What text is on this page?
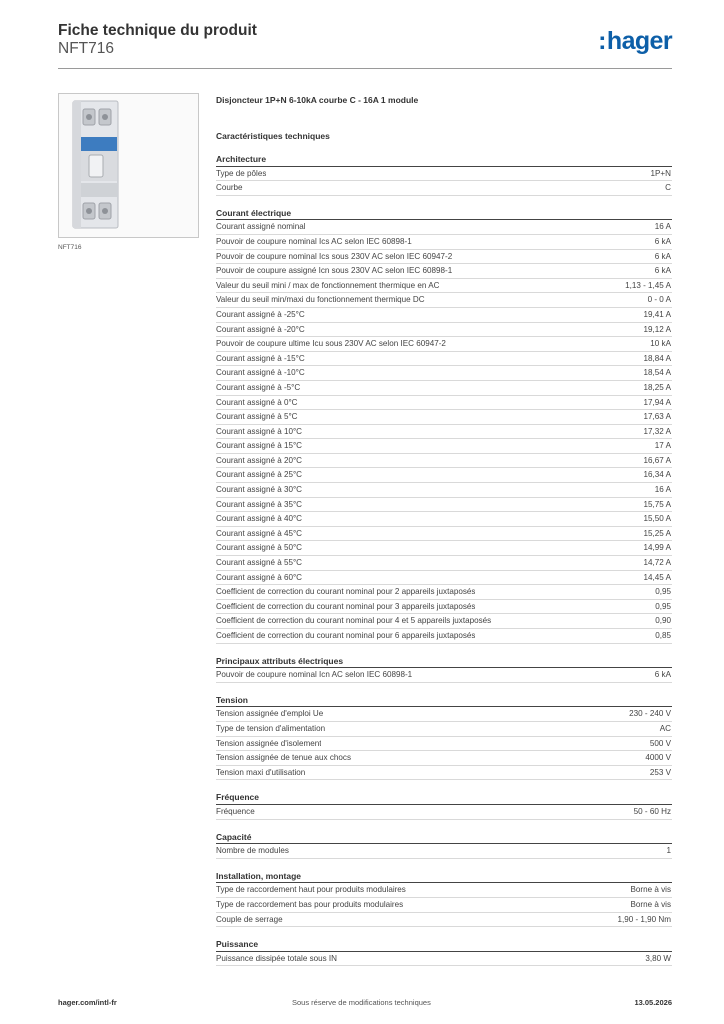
Fiche technique du produit
NFT716	:hager
NFT716
Disjoncteur 1P+N 6-10kA courbe C - 16A 1 module
Caractéristiques techniques
Architecture
Type de pôles	1P+N
Courbe	C
Courant électrique
Courant assigné nominal	16 A
Pouvoir de coupure nominal Ics AC selon IEC 60898-1	6 kA
Pouvoir de coupure nominal Ics sous 230V AC selon IEC 60947-2	6 kA
Pouvoir de coupure assigné Icn sous 230V AC selon IEC 60898-1	6 kA
Valeur du seuil mini / max de fonctionnement thermique en AC	1,13 - 1,45 A
Valeur du seuil min/maxi du fonctionnement thermique DC	0 - 0 A
Courant assigné à -25°C	19,41 A
Courant assigné à -20°C	19,12 A
Pouvoir de coupure ultime Icu sous 230V AC selon IEC 60947-2	10 kA
Courant assigné à -15°C	18,84 A
Courant assigné à -10°C	18,54 A
Courant assigné à -5°C	18,25 A
Courant assigné à 0°C	17,94 A
Courant assigné à 5°C	17,63 A
Courant assigné à 10°C	17,32 A
Courant assigné à 15°C	17 A
Courant assigné à 20°C	16,67 A
Courant assigné à 25°C	16,34 A
Courant assigné à 30°C	16 A
Courant assigné à 35°C	15,75 A
Courant assigné à 40°C	15,50 A
Courant assigné à 45°C	15,25 A
Courant assigné à 50°C	14,99 A
Courant assigné à 55°C	14,72 A
Courant assigné à 60°C	14,45 A
Coefficient de correction du courant nominal pour 2 appareils juxtaposés	0,95
Coefficient de correction du courant nominal pour 3 appareils juxtaposés	0,95
Coefficient de correction du courant nominal pour 4 et 5 appareils juxtaposés	0,90
Coefficient de correction du courant nominal pour 6 appareils juxtaposés	0,85
Principaux attributs électriques
Pouvoir de coupure nominal Icn AC selon IEC 60898-1	6 kA
Tension
Tension assignée d'emploi Ue	230 - 240 V
Type de tension d'alimentation	AC
Tension assignée d'isolement	500 V
Tension assignée de tenue aux chocs	4000 V
Tension maxi d'utilisation	253 V
Fréquence
Fréquence	50 - 60 Hz
Capacité
Nombre de modules	1
Installation, montage
Type de raccordement haut pour produits modulaires	Borne à vis
Type de raccordement bas pour produits modulaires	Borne à vis
Couple de serrage	1,90 - 1,90 Nm
Puissance
Puissance dissipée totale sous IN	3,80 W
hager.com/intl-fr	Sous réserve de modifications techniques	13.05.2026
